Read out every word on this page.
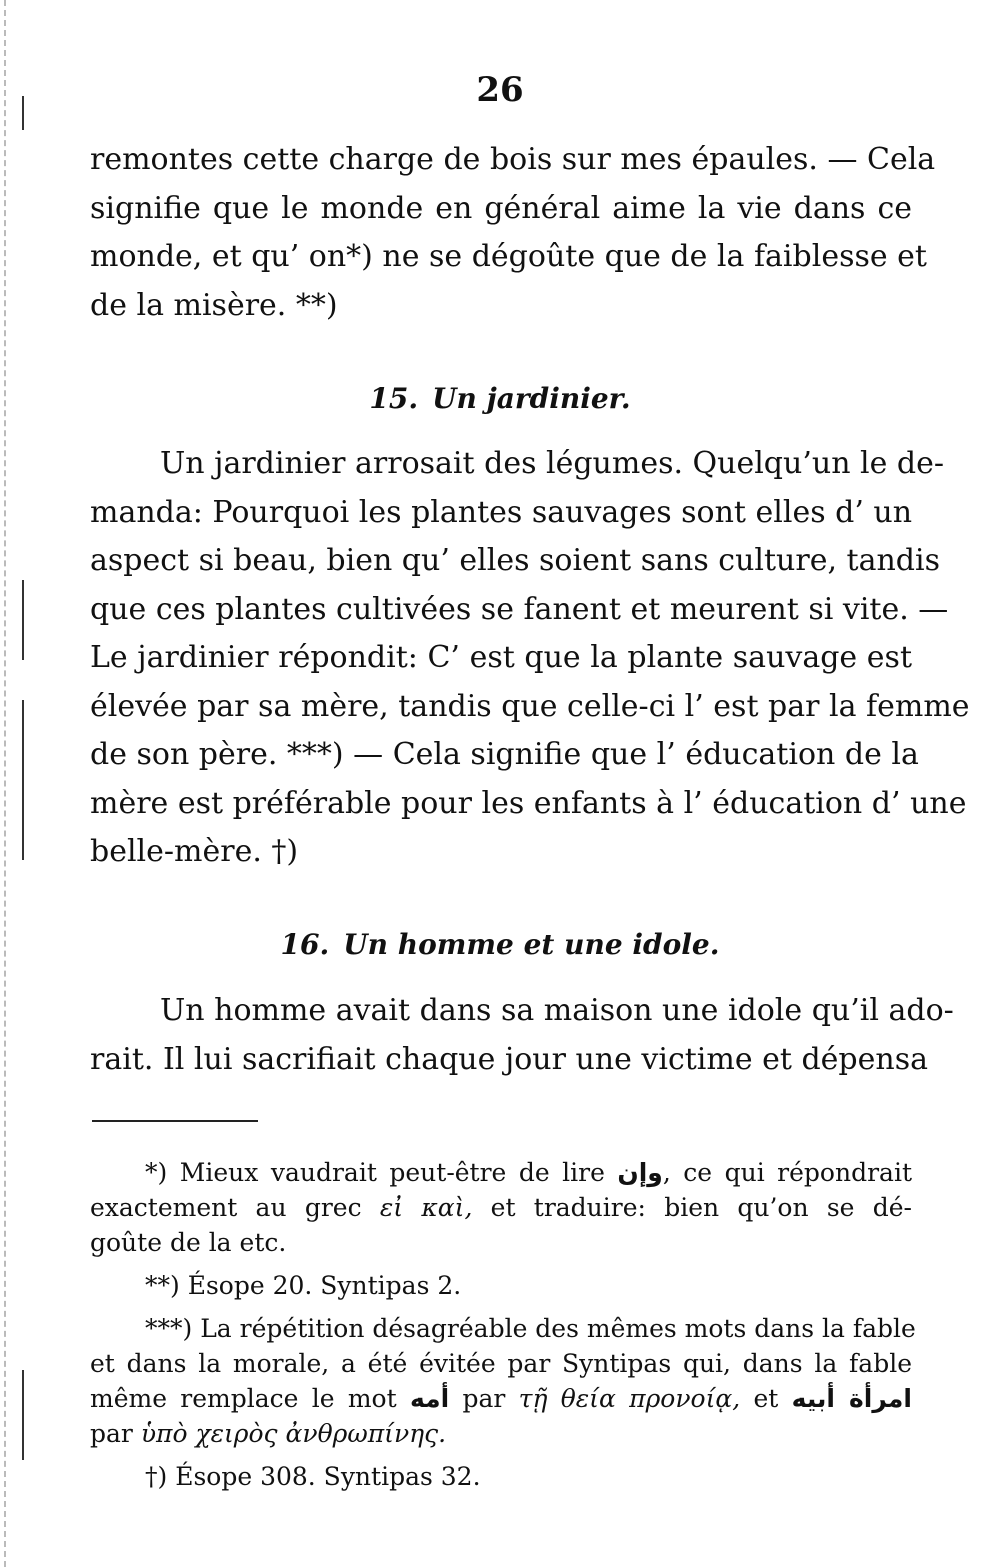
26
remontes cette charge de bois sur mes épaules. — Cela
signifie que le monde en général aime la vie dans ce
monde, et qu’ on*) ne se dégoûte que de la faiblesse et
de la misère. **)
15. Un jardinier.
Un jardinier arrosait des légumes. Quelqu’un le de-
manda: Pourquoi les plantes sauvages sont elles d’ un
aspect si beau, bien qu’ elles soient sans culture, tandis
que ces plantes cultivées se fanent et meurent si vite. —
Le jardinier répondit: C’ est que la plante sauvage est
élevée par sa mère, tandis que celle-ci l’ est par la femme
de son père. ***) — Cela signifie que l’ éducation de la
mère est préférable pour les enfants à l’ éducation d’ une
belle-mère. †)
16. Un homme et une idole.
Un homme avait dans sa maison une idole qu’il ado-
rait. Il lui sacrifiait chaque jour une victime et dépensa
*) Mieux vaudrait peut-être de lire وإن, ce qui répondrait
exactement au grec εἰ καὶ, et traduire: bien qu’on se dé-
goûte de la etc.
**) Ésope 20. Syntipas 2.
***) La répétition désagréable des mêmes mots dans la fable
et dans la morale, a été évitée par Syntipas qui, dans la fable
même remplace le mot أمه par τῇ θεία προνοίᾳ, et امرأة أبيه
par ὑπὸ χειρὸς ἀνθρωπίνης.
†) Ésope 308. Syntipas 32.
